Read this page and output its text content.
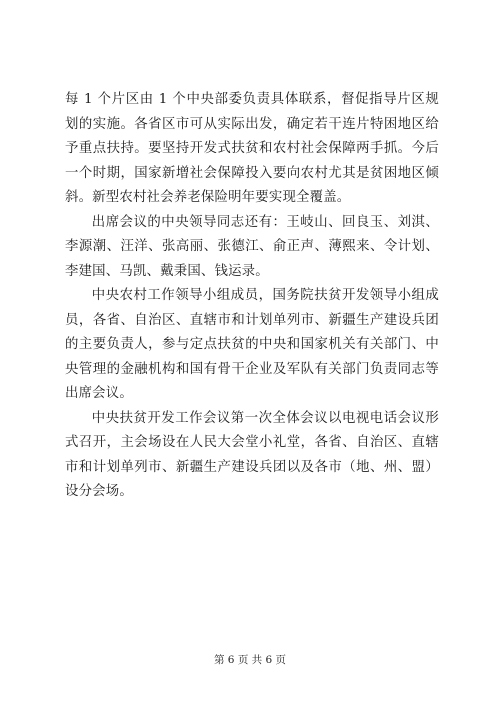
每 1 个片区由 1 个中央部委负责具体联系，督促指导片区规划的实施。各省区市可从实际出发，确定若干连片特困地区给予重点扶持。要坚持开发式扶贫和农村社会保障两手抓。今后一个时期，国家新增社会保障投入要向农村尤其是贫困地区倾斜。新型农村社会养老保险明年要实现全覆盖。

出席会议的中央领导同志还有：王岐山、回良玉、刘淇、李源潮、汪洋、张高丽、张德江、俞正声、薄熙来、令计划、李建国、马凯、戴秉国、钱运录。

中央农村工作领导小组成员，国务院扶贫开发领导小组成员，各省、自治区、直辖市和计划单列市、新疆生产建设兵团的主要负责人，参与定点扶贫的中央和国家机关有关部门、中央管理的金融机构和国有骨干企业及军队有关部门负责同志等出席会议。

中央扶贫开发工作会议第一次全体会议以电视电话会议形式召开，主会场设在人民大会堂小礼堂，各省、自治区、直辖市和计划单列市、新疆生产建设兵团以及各市（地、州、盟）设分会场。

第 6 页 共 6 页
